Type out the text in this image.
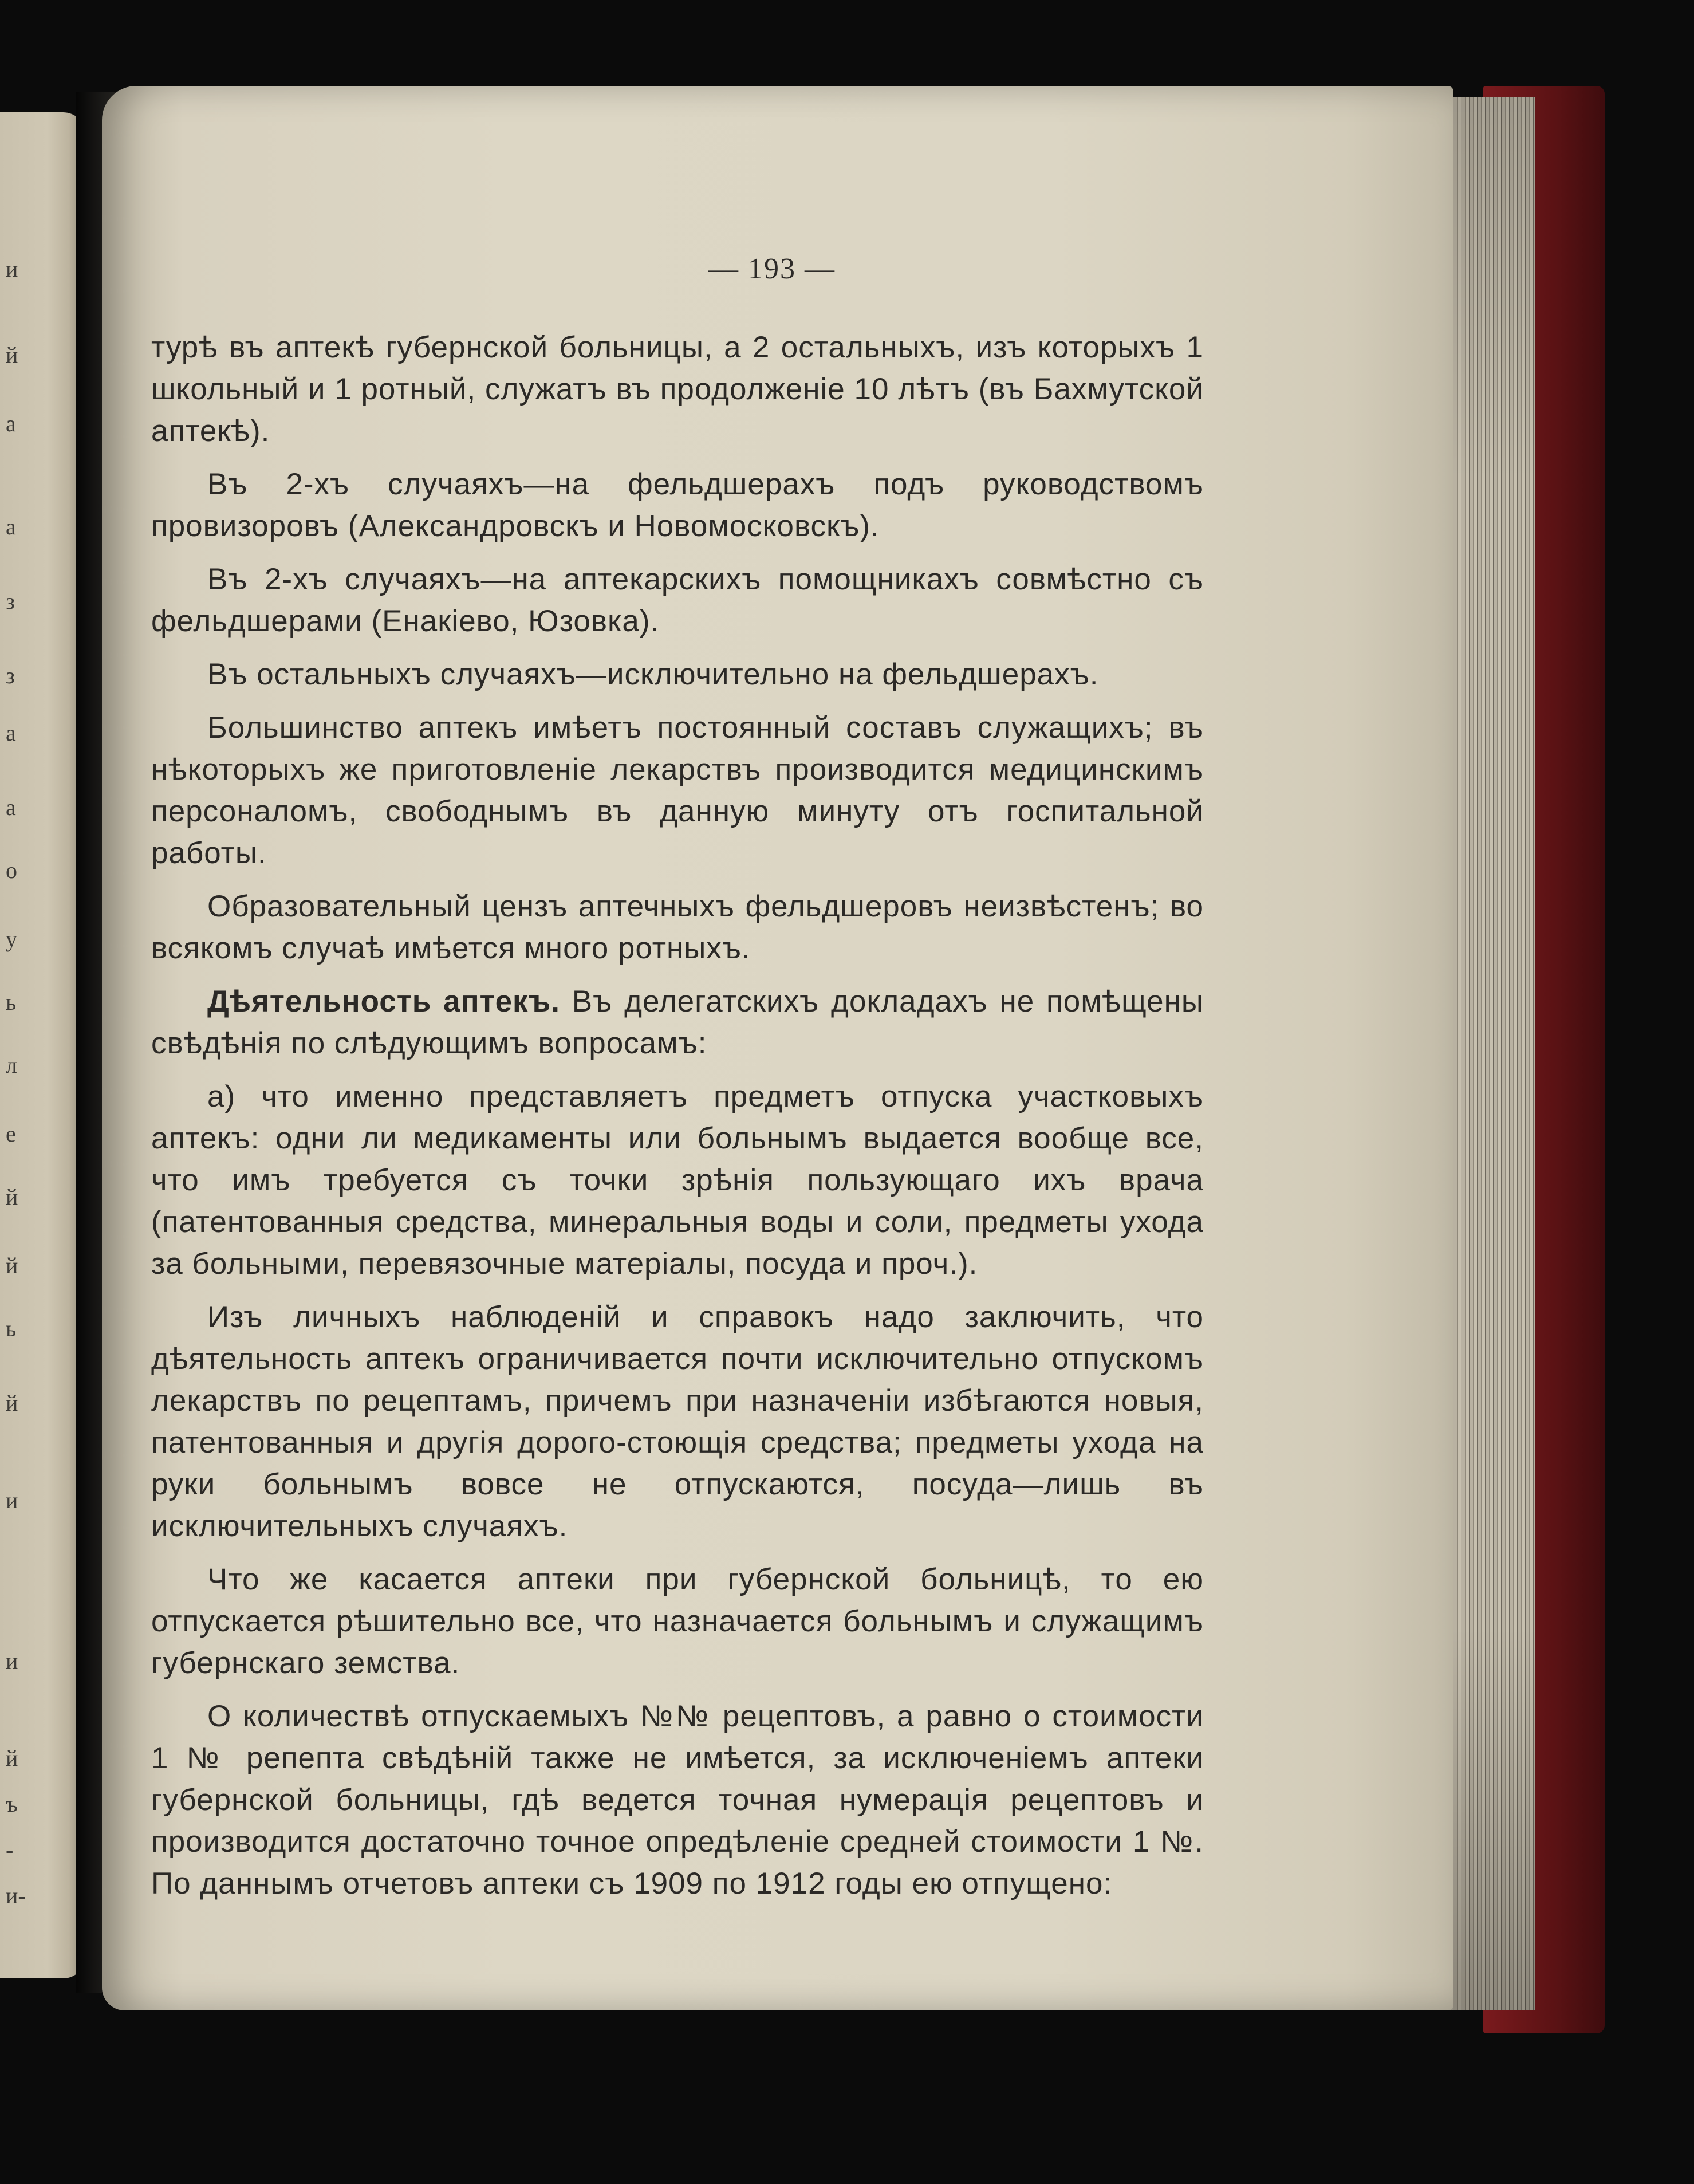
и
й
а
а
з
з
а
а
о
у
ь
л
е
й
й
ь
й
и
и
й
ъ
-
и-
— 193 —

турѣ въ аптекѣ губернской больницы, а 2 остальныхъ, изъ которыхъ 1 школьный и 1 ротный, служатъ въ продолженіе 10 лѣтъ (въ Бахмутской аптекѣ).

Въ 2-хъ случаяхъ—на фельдшерахъ подъ руководствомъ провизоровъ (Александровскъ и Новомосковскъ).

Въ 2-хъ случаяхъ—на аптекарскихъ помощникахъ совмѣстно съ фельдшерами (Енакіево, Юзовка).

Въ остальныхъ случаяхъ—исключительно на фельдшерахъ.

Большинство аптекъ имѣетъ постоянный составъ служащихъ; въ нѣкоторыхъ же приготовленіе лекарствъ производится медицинскимъ персоналомъ, свободнымъ въ данную минуту отъ госпитальной работы.

Образовательный цензъ аптечныхъ фельдшеровъ неизвѣстенъ; во всякомъ случаѣ имѣется много ротныхъ.

Дѣятельность аптекъ. Въ делегатскихъ докладахъ не помѣщены свѣдѣнія по слѣдующимъ вопросамъ:

а) что именно представляетъ предметъ отпуска участковыхъ аптекъ: одни ли медикаменты или больнымъ выдается вообще все, что имъ требуется съ точки зрѣнія пользующаго ихъ врача (патентованныя средства, минеральныя воды и соли, предметы ухода за больными, перевязочные матеріалы, посуда и проч.).

Изъ личныхъ наблюденій и справокъ надо заключить, что дѣятельность аптекъ ограничивается почти исключительно отпускомъ лекарствъ по рецептамъ, причемъ при назначеніи избѣгаются новыя, патентованныя и другія дорого-стоющія средства; предметы ухода на руки больнымъ вовсе не отпускаются, посуда—лишь въ исключительныхъ случаяхъ.

Что же касается аптеки при губернской больницѣ, то ею отпускается рѣшительно все, что назначается больнымъ и служащимъ губернскаго земства.

О количествѣ отпускаемыхъ №№ рецептовъ, а равно о стоимости 1 № репепта свѣдѣній также не имѣется, за исключеніемъ аптеки губернской больницы, гдѣ ведется точная нумерація рецептовъ и производится достаточно точное опредѣленіе средней стоимости 1 №. По даннымъ отчетовъ аптеки съ 1909 по 1912 годы ею отпущено:
